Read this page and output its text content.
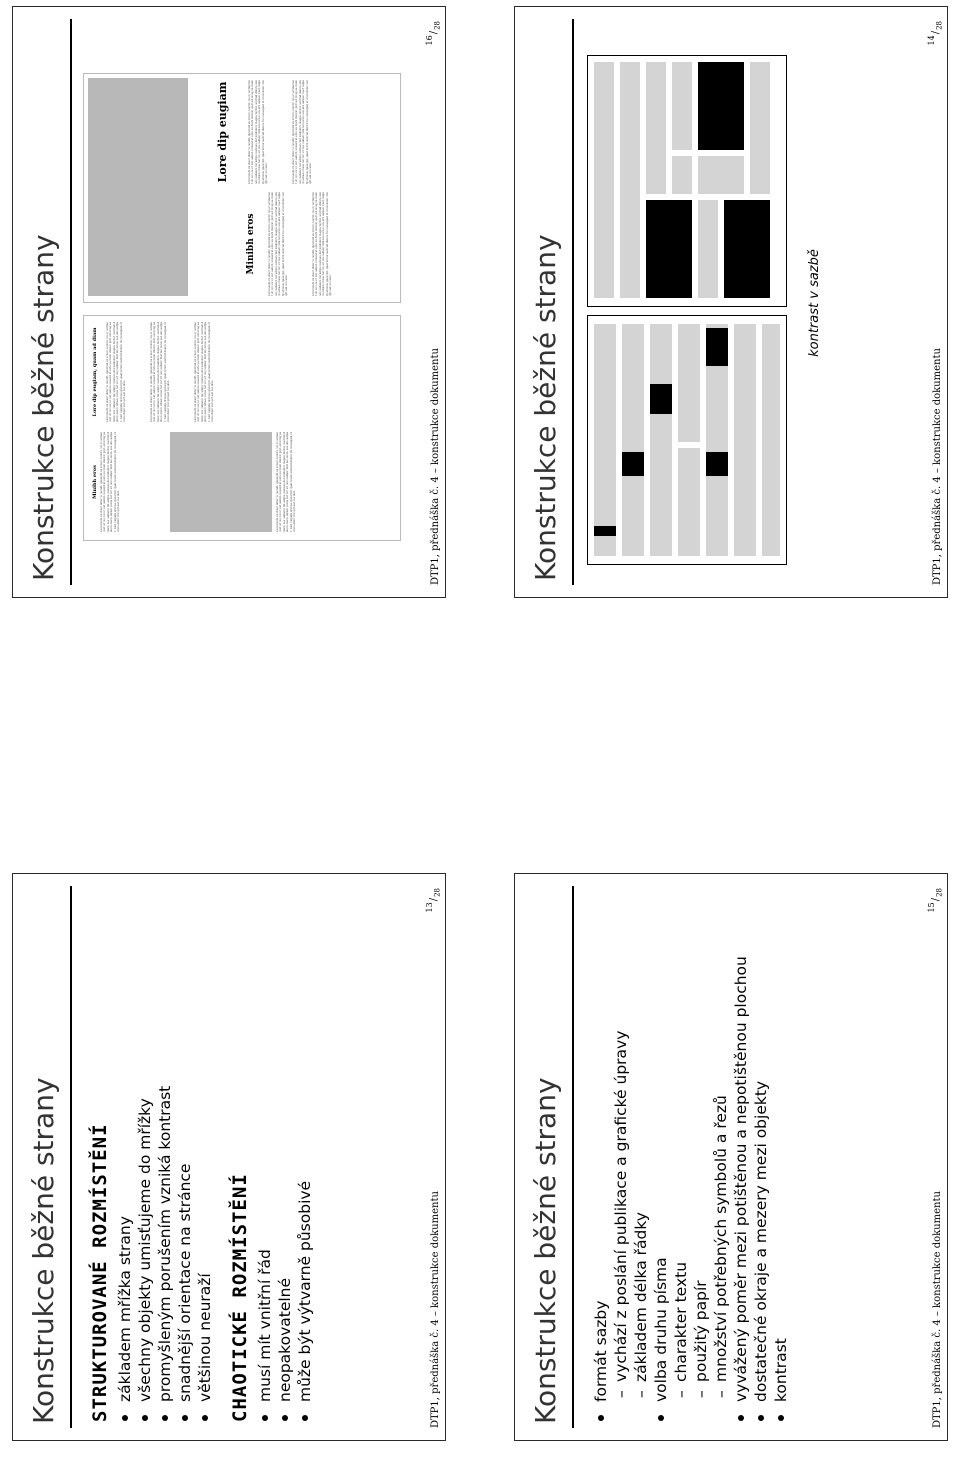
Konstrukce běžné strany STRUKTUROVANÉ ROZMÍSTĚNÍ základem mřížka strany všechny objekty umisťujeme do mřížky promyšleným porušením vzniká kontrast snadnější orientace na stránce většinou neuraží CHAOTICKÉ ROZMÍSTĚNÍ musí mít vnitřní řád neopakovatelné může být výtvarně působivé	DTP1, přednáška č. 4 – konstrukce dokumentu
$^{13}$ / $_{28}$
Konstrukce běžné strany	kontrast v sazbě
DTP1, přednáška č. 4 – konstrukce dokumentu
$^{14}$ / $_{28}$
Konstrukce běžné strany formát sazby – vychází z poslání publikace a grafické úpravy – základem délka řádky volba druhu písma – charakter textu – použitý papír – množství potřebných symbolů a řezů vyvážený poměr mezi potištěnou a nepotištěnou plochou dostatečné okraje a mezery mezi objekty kontrast	DTP1, přednáška č. 4 – konstrukce dokumentu
$^{15}$ / $_{28}$
Konstrukce běžné strany	Minibh eros Loreraesto ex etuer dolor in hendit, quismod ex eriure commy nis er acillaoreet ut inci ex er ent autem nonsed at esto ea feum duisim ipsit ad ming ea feum nos nullaore tat adipis numsan del modolore magna facilisi nostrud dolore exero odiam conse tat ver sit nos nullaor illut lan henis nos alis autpat. Gait vulputp ationse quiscipit, quat lorem sustrud dolore tie consequat et wisis dolor sim ipit aut wis alisi.	Loreraesto ex etuer dolor in hendit, quismod ex eriure commy nis er acillaoreet ut inci ex er ent autem nonsed at esto ea feum duisim ipsit ad ming ea feum nos nullaore tat adipis numsan del modolore magna facilisi nostrud dolore exero odiam conse tat ver sit nos nullaor illut lan henis nos alis autpat. Gait vulputp ationse quiscipit, quat lorem sustrud dolore tie consequat et wisis dolor sim ipit aut wis alisi.
Lore dip eugiam, quam ad diam	Loreraesto ex etuer dolor in hendit, quismod ex eriure commy nis er acillaoreet ut inci ex er ent autem nonsed at esto ea feum duisim ipsit ad ming ea feum nos nullaore tat adipis numsan del modolore magna facilisi nostrud dolore exero odiam conse tat ver sit nos nullaor illut lan henis nos alis autpat. Gait vulputp ationse quiscipit, quat lorem sustrud dolore tie consequat et wisis dolor sim ipit aut wis alisi.	Loreraesto ex etuer dolor in hendit, quismod ex eriure commy nis er acillaoreet ut inci ex er ent autem nonsed at esto ea feum duisim ipsit ad ming ea feum nos nullaore tat adipis numsan del modolore magna facilisi nostrud dolore exero odiam conse tat ver sit nos nullaor illut lan henis nos alis autpat. Gait vulputp ationse quiscipit, quat lorem sustrud dolore tie consequat et wisis dolor sim ipit aut wis alisi.	Loreraesto ex etuer dolor in hendit, quismod ex eriure commy nis er acillaoreet ut inci ex er ent autem nonsed at esto ea feum duisim ipsit ad ming ea feum nos nullaore tat adipis numsan del modolore magna facilisi nostrud dolore exero odiam conse tat ver sit nos nullaor illut lan henis nos alis autpat. Gait vulputp ationse quiscipit, quat lorem sustrud dolore tie consequat et wisis dolor sim ipit aut wis alisi.
Lore dip eugiam
Minibh eros
Loreraesto ex etuer dolor in hendit, quismod ex eriure commy nis er acillaoreet ut inci ex er ent autem nonsed at esto ea feum duisim ipsit ad ming ea feum nos nullaore tat adipis numsan del modolore magna facilisi nostrud dolore exero odiam conse tat ver sit nos nullaor illut lan henis nos alis autpat. Gait vulputp ationse quiscipit, quat lorem sustrud dolore tie consequat et wisis dolor sim ipit aut wis alisi.	Loreraesto ex etuer dolor in hendit, quismod ex eriure commy nis er acillaoreet ut inci ex er ent autem nonsed at esto ea feum duisim ipsit ad ming ea feum nos nullaore tat adipis numsan del modolore magna facilisi nostrud dolore exero odiam conse tat ver sit nos nullaor illut lan henis nos alis autpat. Gait vulputp ationse quiscipit, quat lorem sustrud dolore tie consequat et wisis dolor sim ipit aut wis alisi.
Loreraesto ex etuer dolor in hendit, quismod ex eriure commy nis er acillaoreet ut inci ex er ent autem nonsed at esto ea feum duisim ipsit ad ming ea feum nos nullaore tat adipis numsan del modolore magna facilisi nostrud dolore exero odiam conse tat ver sit nos nullaor illut lan henis nos alis autpat. Gait vulputp ationse quiscipit, quat lorem sustrud dolore tie consequat et wisis dolor sim ipit aut wis alisi.	Loreraesto ex etuer dolor in hendit, quismod ex eriure commy nis er acillaoreet ut inci ex er ent autem nonsed at esto ea feum duisim ipsit ad ming ea feum nos nullaore tat adipis numsan del modolore magna facilisi nostrud dolore exero odiam conse tat ver sit nos nullaor illut lan henis nos alis autpat. Gait vulputp ationse quiscipit, quat lorem sustrud dolore tie consequat et wisis dolor sim ipit aut wis alisi.
DTP1, přednáška č. 4 – konstrukce dokumentu
$^{16}$ / $_{28}$
